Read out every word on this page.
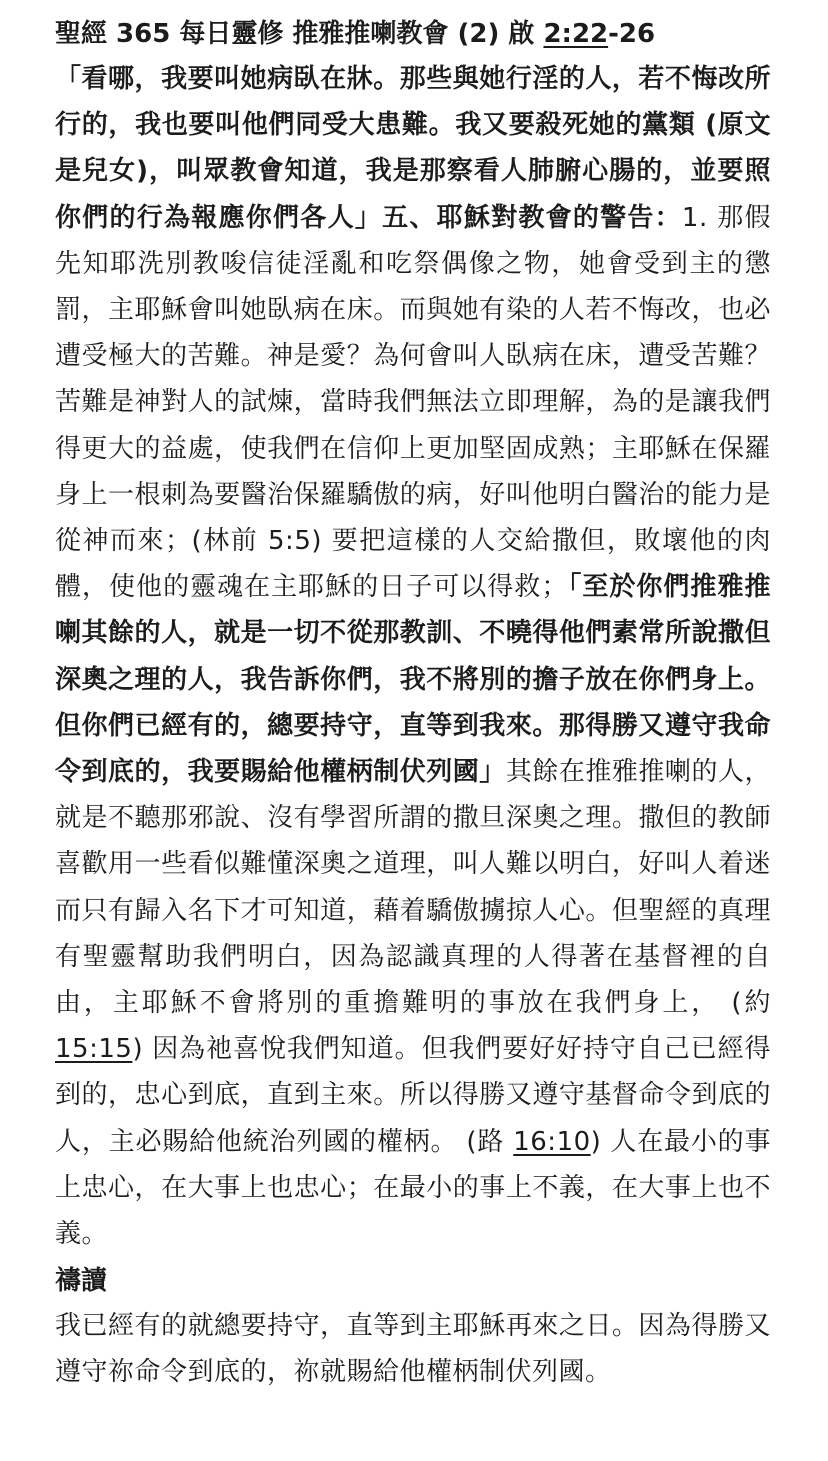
聖經 365 每日靈修 推雅推喇教會 (2) 啟 2:22-26

「看哪，我要叫她病臥在牀。那些與她行淫的人，若不悔改所行的，我也要叫他們同受大患難。我又要殺死她的黨類 (原文是兒女)，叫眾教會知道，我是那察看人肺腑心腸的，並要照你們的行為報應你們各人」五、耶穌對教會的警告：1. 那假先知耶洗別教唆信徒淫亂和吃祭偶像之物，她會受到主的懲罰，主耶穌會叫她臥病在床。而與她有染的人若不悔改，也必遭受極大的苦難。神是愛？為何會叫人臥病在床，遭受苦難？苦難是神對人的試煉，當時我們無法立即理解，為的是讓我們得更大的益處，使我們在信仰上更加堅固成熟；主耶穌在保羅身上一根刺為要醫治保羅驕傲的病，好叫他明白醫治的能力是從神而來；(林前 5:5) 要把這樣的人交給撒但，敗壞他的肉體，使他的靈魂在主耶穌的日子可以得救；「至於你們推雅推喇其餘的人，就是一切不從那教訓、不曉得他們素常所說撒但深奧之理的人，我告訴你們，我不將別的擔子放在你們身上。但你們已經有的，總要持守，直等到我來。那得勝又遵守我命令到底的，我要賜給他權柄制伏列國」其餘在推雅推喇的人，就是不聽那邪說、沒有學習所謂的撒旦深奧之理。撒但的教師喜歡用一些看似難懂深奧之道理，叫人難以明白，好叫人着迷而只有歸入名下才可知道，藉着驕傲擄掠人心。但聖經的真理有聖靈幫助我們明白，因為認識真理的人得著在基督裡的自由，主耶穌不會將別的重擔難明的事放在我們身上， (約 15:15) 因為祂喜悅我們知道。但我們要好好持守自己已經得到的，忠心到底，直到主來。所以得勝又遵守基督命令到底的人，主必賜給他統治列國的權柄。 (路 16:10) 人在最小的事上忠心，在大事上也忠心；在最小的事上不義，在大事上也不義。

禱讀

我已經有的就總要持守，直等到主耶穌再來之日。因為得勝又遵守祢命令到底的，祢就賜給他權柄制伏列國。
